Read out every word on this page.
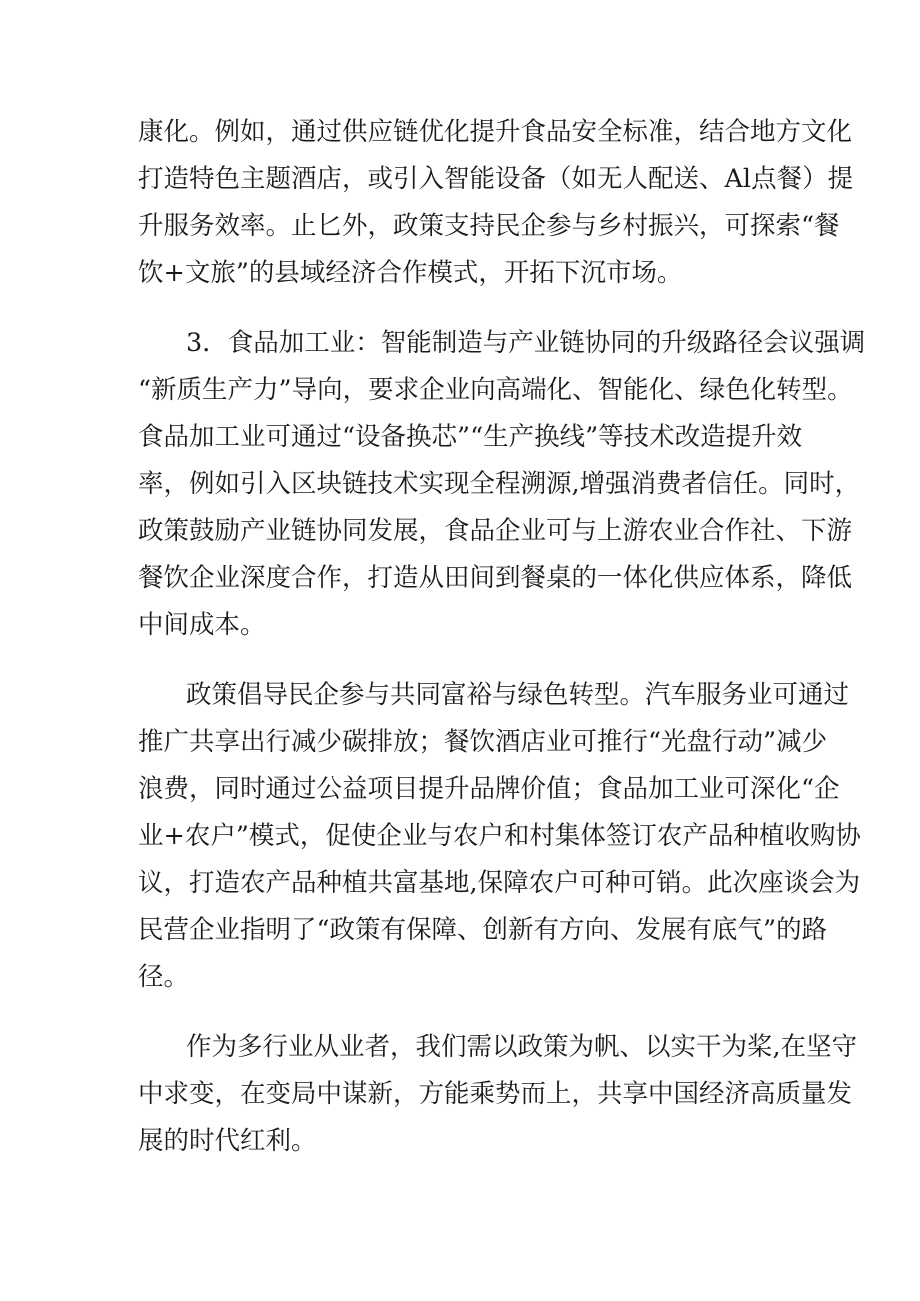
康化。例如，通过供应链优化提升食品安全标准，结合地方文化
打造特色主题酒店，或引入智能设备（如无人配送、Al点餐）提
升服务效率。止匕外，政策支持民企参与乡村振兴，可探索“餐
饮+文旅”的县域经济合作模式，开拓下沉市场。
3．食品加工业：智能制造与产业链协同的升级路径会议强调
“新质生产力”导向，要求企业向高端化、智能化、绿色化转型。
食品加工业可通过“设备换芯”“生产换线”等技术改造提升效
率，例如引入区块链技术实现全程溯源,增强消费者信任。同时，
政策鼓励产业链协同发展，食品企业可与上游农业合作社、下游
餐饮企业深度合作，打造从田间到餐桌的一体化供应体系，降低
中间成本。
政策倡导民企参与共同富裕与绿色转型。汽车服务业可通过
推广共享出行减少碳排放；餐饮酒店业可推行“光盘行动”减少
浪费，同时通过公益项目提升品牌价值；食品加工业可深化“企
业+农户”模式，促使企业与农户和村集体签订农产品种植收购协
议，打造农产品种植共富基地,保障农户可种可销。此次座谈会为
民营企业指明了“政策有保障、创新有方向、发展有底气”的路
径。
作为多行业从业者，我们需以政策为帆、以实干为桨,在坚守
中求变，在变局中谋新，方能乘势而上，共享中国经济高质量发
展的时代红利。
